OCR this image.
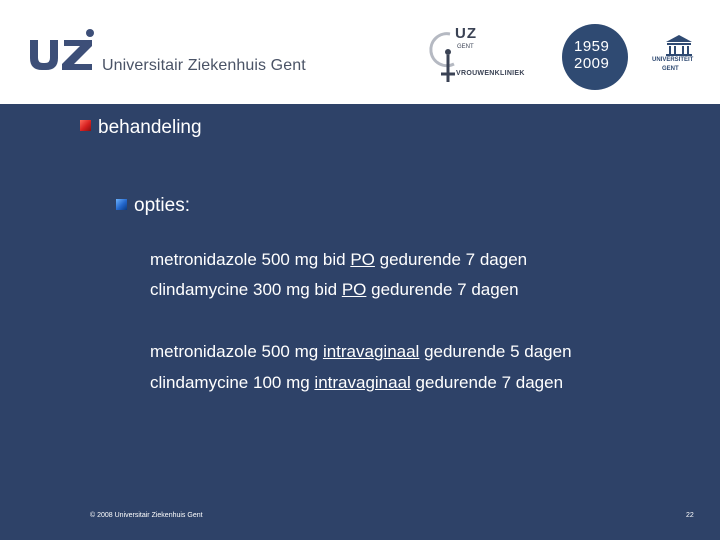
Universitair Ziekenhuis Gent
UZ
GENT
VROUWENKLINIEK
1959
2009	UNIVERSITEIT
GENT
behandeling
opties:
metronidazole 500 mg bid PO gedurende 7 dagen
clindamycine 300 mg bid PO gedurende 7 dagen
metronidazole 500 mg intravaginaal gedurende 5 dagen
clindamycine 100 mg intravaginaal gedurende 7 dagen
© 2008 Universitair Ziekenhuis Gent	22
